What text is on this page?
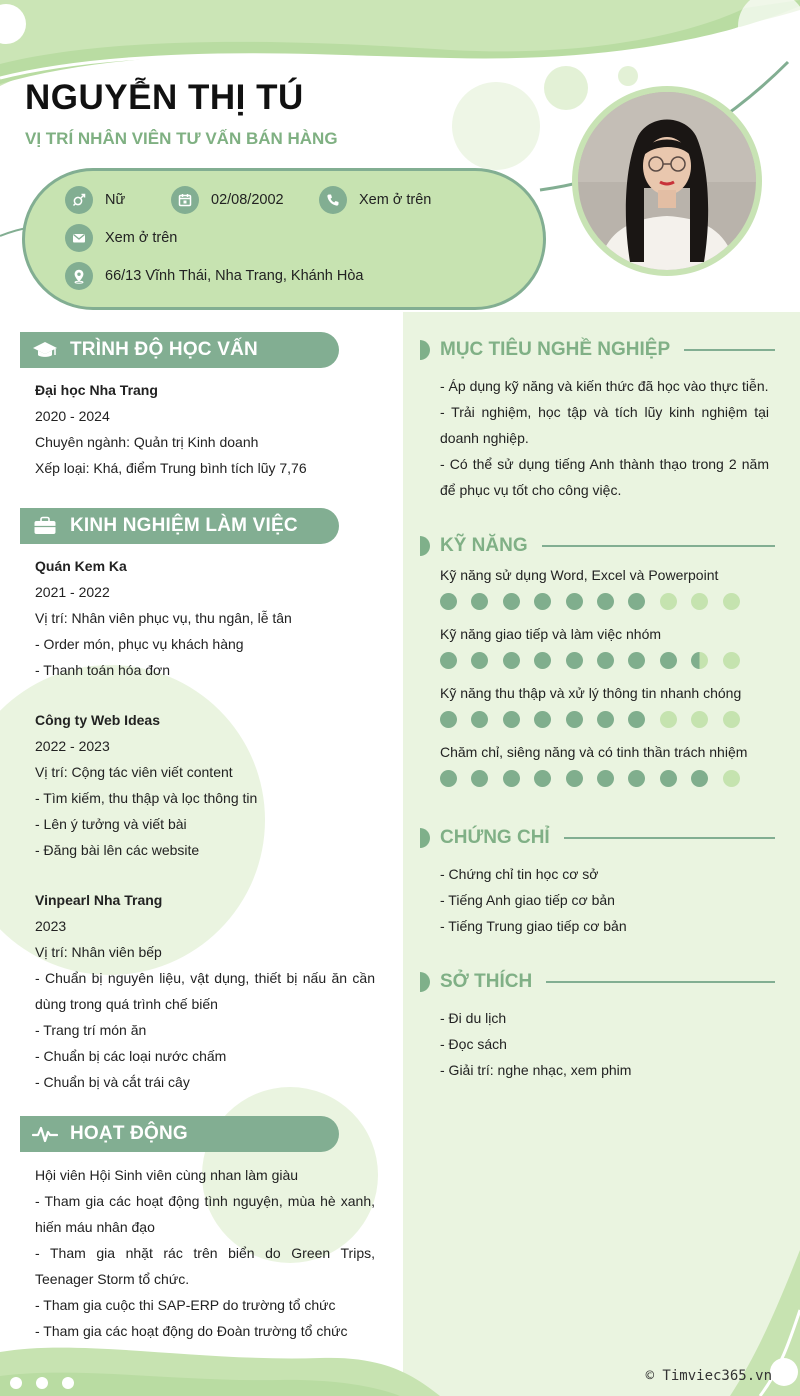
NGUYỄN THỊ TÚ
VỊ TRÍ NHÂN VIÊN TƯ VẤN BÁN HÀNG
Nữ	02/08/2002	Xem ở trên
Xem ở trên
66/13 Vĩnh Thái, Nha Trang, Khánh Hòa
TRÌNH ĐỘ HỌC VẤN
Đại học Nha Trang
2020 - 2024
Chuyên ngành: Quản trị Kinh doanh
Xếp loại: Khá, điểm Trung bình tích lũy 7,76
KINH NGHIỆM LÀM VIỆC
Quán Kem Ka
2021 - 2022
Vị trí: Nhân viên phục vụ, thu ngân, lễ tân
- Order món, phục vụ khách hàng
- Thanh toán hóa đơn
Công ty Web Ideas
2022 - 2023
Vị trí: Cộng tác viên viết content
- Tìm kiếm, thu thập và lọc thông tin
- Lên ý tưởng và viết bài
- Đăng bài lên các website
Vinpearl Nha Trang
2023
Vị trí: Nhân viên bếp
- Chuẩn bị nguyên liệu, vật dụng, thiết bị nấu ăn cần dùng trong quá trình chế biến
- Trang trí món ăn
- Chuẩn bị các loại nước chấm
- Chuẩn bị và cắt trái cây
HOẠT ĐỘNG
Hội viên Hội Sinh viên cùng nhan làm giàu
- Tham gia các hoạt động tình nguyện, mùa hè xanh, hiến máu nhân đạo
- Tham gia nhặt rác trên biển do Green Trips, Teenager Storm tổ chức.
- Tham gia cuộc thi SAP-ERP do trường tổ chức
- Tham gia các hoạt động do Đoàn trường tổ chức
MỤC TIÊU NGHỀ NGHIỆP
- Áp dụng kỹ năng và kiến thức đã học vào thực tiễn.
- Trải nghiệm, học tập và tích lũy kinh nghiệm tại doanh nghiệp.
- Có thể sử dụng tiếng Anh thành thạo trong 2 năm để phục vụ tốt cho công việc.
KỸ NĂNG
Kỹ năng sử dụng Word, Excel và Powerpoint
Kỹ năng giao tiếp và làm việc nhóm
Kỹ năng thu thập và xử lý thông tin nhanh chóng
Chăm chỉ, siêng năng và có tinh thần trách nhiệm
CHỨNG CHỈ
- Chứng chỉ tin học cơ sở
- Tiếng Anh giao tiếp cơ bản
- Tiếng Trung giao tiếp cơ bản
SỞ THÍCH
- Đi du lịch
- Đọc sách
- Giải trí: nghe nhạc, xem phim
© Timviec365.vn
